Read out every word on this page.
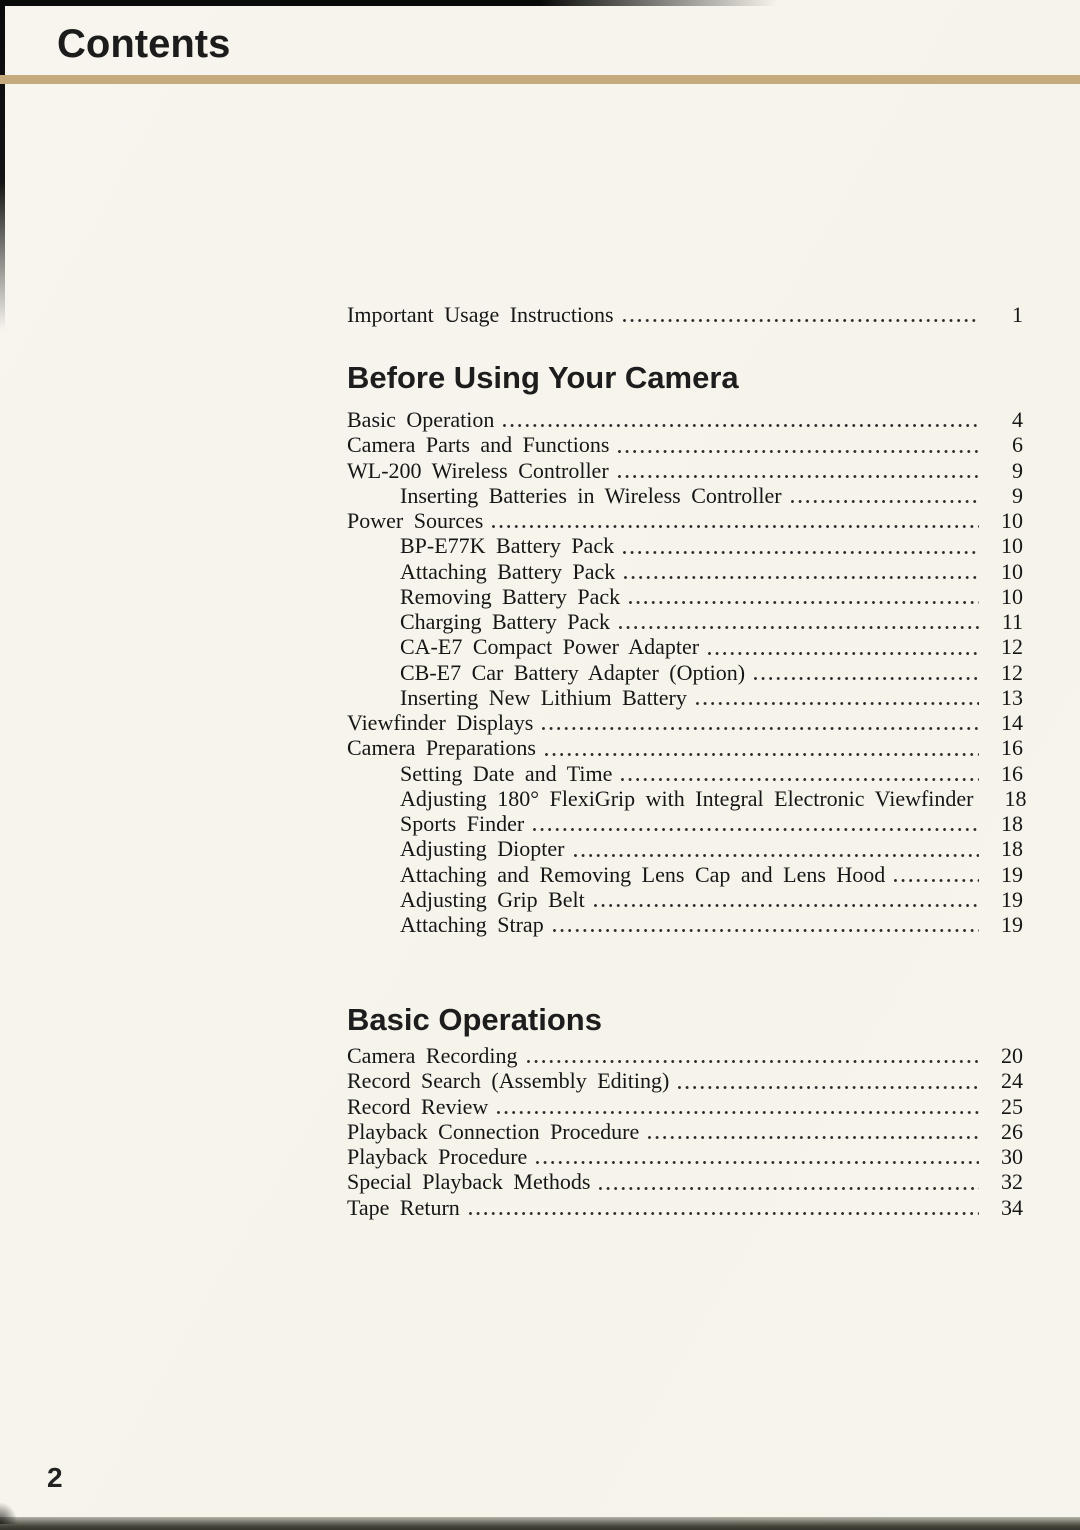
Contents
Important Usage Instructions	1
Before Using Your Camera
Basic Operation	4
Camera Parts and Functions	6
WL-200 Wireless Controller	9
Inserting Batteries in Wireless Controller	9
Power Sources	10
BP-E77K Battery Pack	10
Attaching Battery Pack	10
Removing Battery Pack	10
Charging Battery Pack	11
CA-E7 Compact Power Adapter	12
CB-E7 Car Battery Adapter (Option)	12
Inserting New Lithium Battery	13
Viewfinder Displays	14
Camera Preparations	16
Setting Date and Time	16
Adjusting 180° FlexiGrip with Integral Electronic Viewfinder	18
Sports Finder	18
Adjusting Diopter	18
Attaching and Removing Lens Cap and Lens Hood	19
Adjusting Grip Belt	19
Attaching Strap	19
Basic Operations
Camera Recording	20
Record Search (Assembly Editing)	24
Record Review	25
Playback Connection Procedure	26
Playback Procedure	30
Special Playback Methods	32
Tape Return	34
2
